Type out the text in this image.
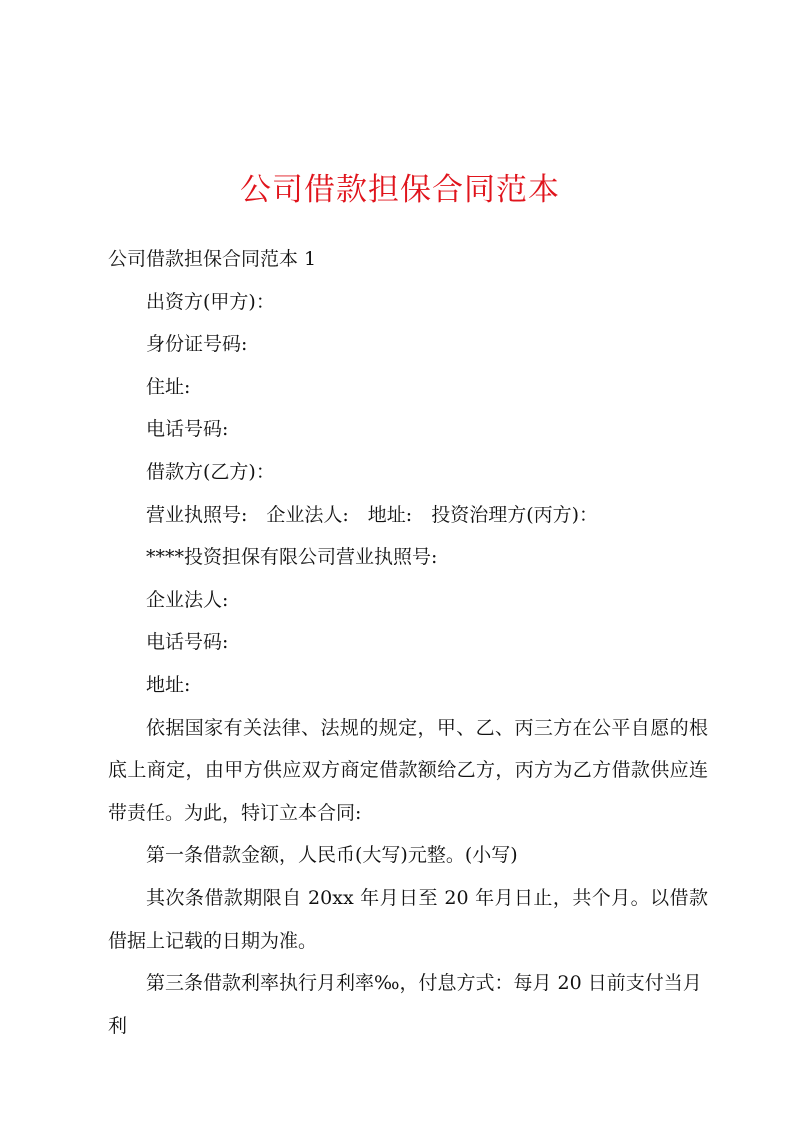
公司借款担保合同范本

公司借款担保合同范本 1

出资方(甲方)：

身份证号码:

住址:

电话号码:

借款方(乙方)：

营业执照号:　企业法人:　地址:　投资治理方(丙方)：

****投资担保有限公司营业执照号:

企业法人:

电话号码:

地址:

依据国家有关法律、法规的规定，甲、乙、丙三方在公平自愿的根底上商定，由甲方供应双方商定借款额给乙方，丙方为乙方借款供应连带责任。为此，特订立本合同:

第一条借款金额，人民币(大写)元整。(小写)

其次条借款期限自 20xx 年月日至 20 年月日止，共个月。以借款借据上记载的日期为准。

第三条借款利率执行月利率‰，付息方式：每月 20 日前支付当月利
